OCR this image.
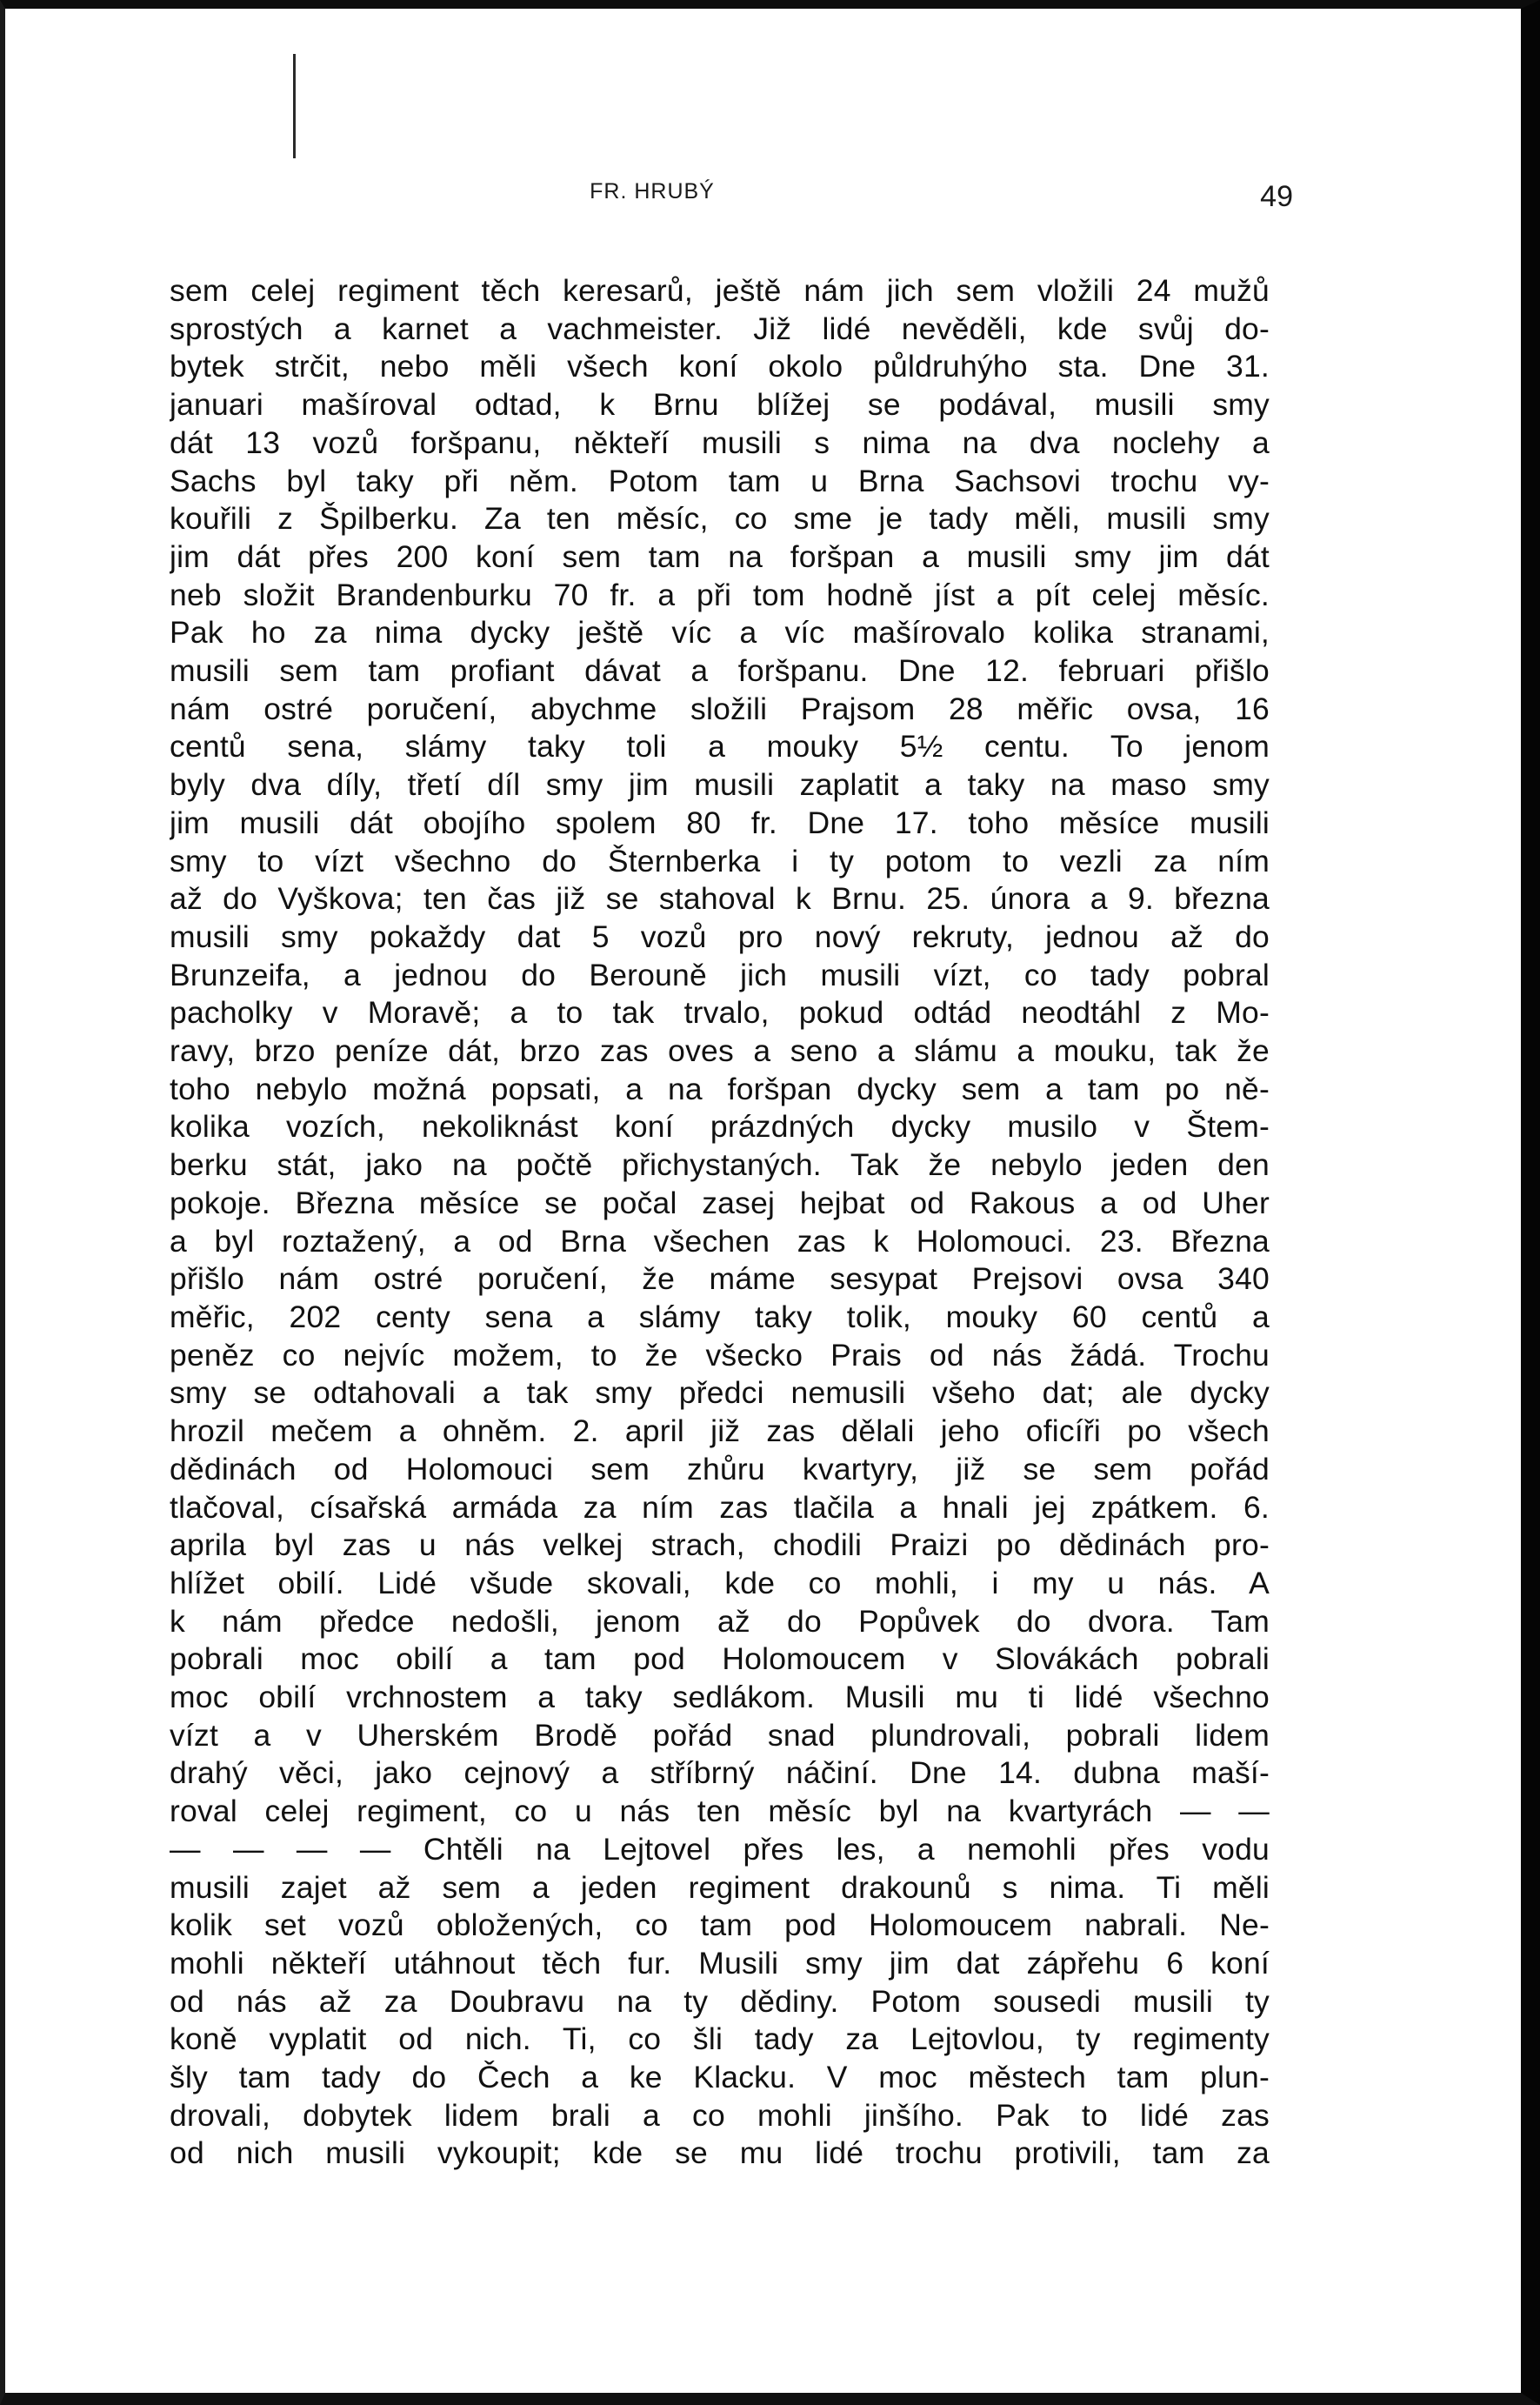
FR. HRUBÝ	49
sem celej regiment těch keresarů, ještě nám jich sem vložili 24 mužů
sprostých a karnet a vachmeister. Již lidé nevěděli, kde svůj do-
bytek strčit, nebo měli všech koní okolo půldruhýho sta. Dne 31.
januari mašíroval odtad, k Brnu blížej se podával, musili smy
dát 13 vozů foršpanu, někteří musili s nima na dva noclehy a
Sachs byl taky při něm. Potom tam u Brna Sachsovi trochu vy-
kouřili z Špilberku. Za ten měsíc, co sme je tady měli, musili smy
jim dát přes 200 koní sem tam na foršpan a musili smy jim dát
neb složit Brandenburku 70 fr. a při tom hodně jíst a pít celej měsíc.
Pak ho za nima dycky ještě víc a víc mašírovalo kolika stranami,
musili sem tam profiant dávat a foršpanu. Dne 12. februari přišlo
nám ostré poručení, abychme složili Prajsom 28 měřic ovsa, 16
centů sena, slámy taky toli a mouky 5½ centu. To jenom
byly dva díly, třetí díl smy jim musili zaplatit a taky na maso smy
jim musili dát obojího spolem 80 fr. Dne 17. toho měsíce musili
smy to vízt všechno do Šternberka i ty potom to vezli za ním
až do Vyškova; ten čas již se stahoval k Brnu. 25. února a 9. března
musili smy pokaždy dat 5 vozů pro nový rekruty, jednou až do
Brunzeifa, a jednou do Berouně jich musili vízt, co tady pobral
pacholky v Moravě; a to tak trvalo, pokud odtád neodtáhl z Mo-
ravy, brzo peníze dát, brzo zas oves a seno a slámu a mouku, tak že
toho nebylo možná popsati, a na foršpan dycky sem a tam po ně-
kolika vozích, nekoliknást koní prázdných dycky musilo v Štem-
berku stát, jako na počtě přichystaných. Tak že nebylo jeden den
pokoje. Března měsíce se počal zasej hejbat od Rakous a od Uher
a byl roztažený, a od Brna všechen zas k Holomouci. 23. Března
přišlo nám ostré poručení, že máme sesypat Prejsovi ovsa 340
měřic, 202 centy sena a slámy taky tolik, mouky 60 centů a
peněz co nejvíc možem, to že všecko Prais od nás žádá. Trochu
smy se odtahovali a tak smy předci nemusili všeho dat; ale dycky
hrozil mečem a ohněm. 2. april již zas dělali jeho oficíři po všech
dědinách od Holomouci sem zhůru kvartyry, již se sem pořád
tlačoval, císařská armáda za ním zas tlačila a hnali jej zpátkem. 6.
aprila byl zas u nás velkej strach, chodili Praizi po dědinách pro-
hlížet obilí. Lidé všude skovali, kde co mohli, i my u nás. A
k nám předce nedošli, jenom až do Popůvek do dvora. Tam
pobrali moc obilí a tam pod Holomoucem v Slovákách pobrali
moc obilí vrchnostem a taky sedlákom. Musili mu ti lidé všechno
vízt a v Uherském Brodě pořád snad plundrovali, pobrali lidem
drahý věci, jako cejnový a stříbrný náčiní. Dne 14. dubna maší-
roval celej regiment, co u nás ten měsíc byl na kvartyrách — —
— — — — Chtěli na Lejtovel přes les, a nemohli přes vodu
musili zajet až sem a jeden regiment drakounů s nima. Ti měli
kolik set vozů obložených, co tam pod Holomoucem nabrali. Ne-
mohli někteří utáhnout těch fur. Musili smy jim dat zápřehu 6 koní
od nás až za Doubravu na ty dědiny. Potom sousedi musili ty
koně vyplatit od nich. Ti, co šli tady za Lejtovlou, ty regimenty
šly tam tady do Čech a ke Klacku. V moc městech tam plun-
drovali, dobytek lidem brali a co mohli jinšího. Pak to lidé zas
od nich musili vykoupit; kde se mu lidé trochu protivili, tam za
